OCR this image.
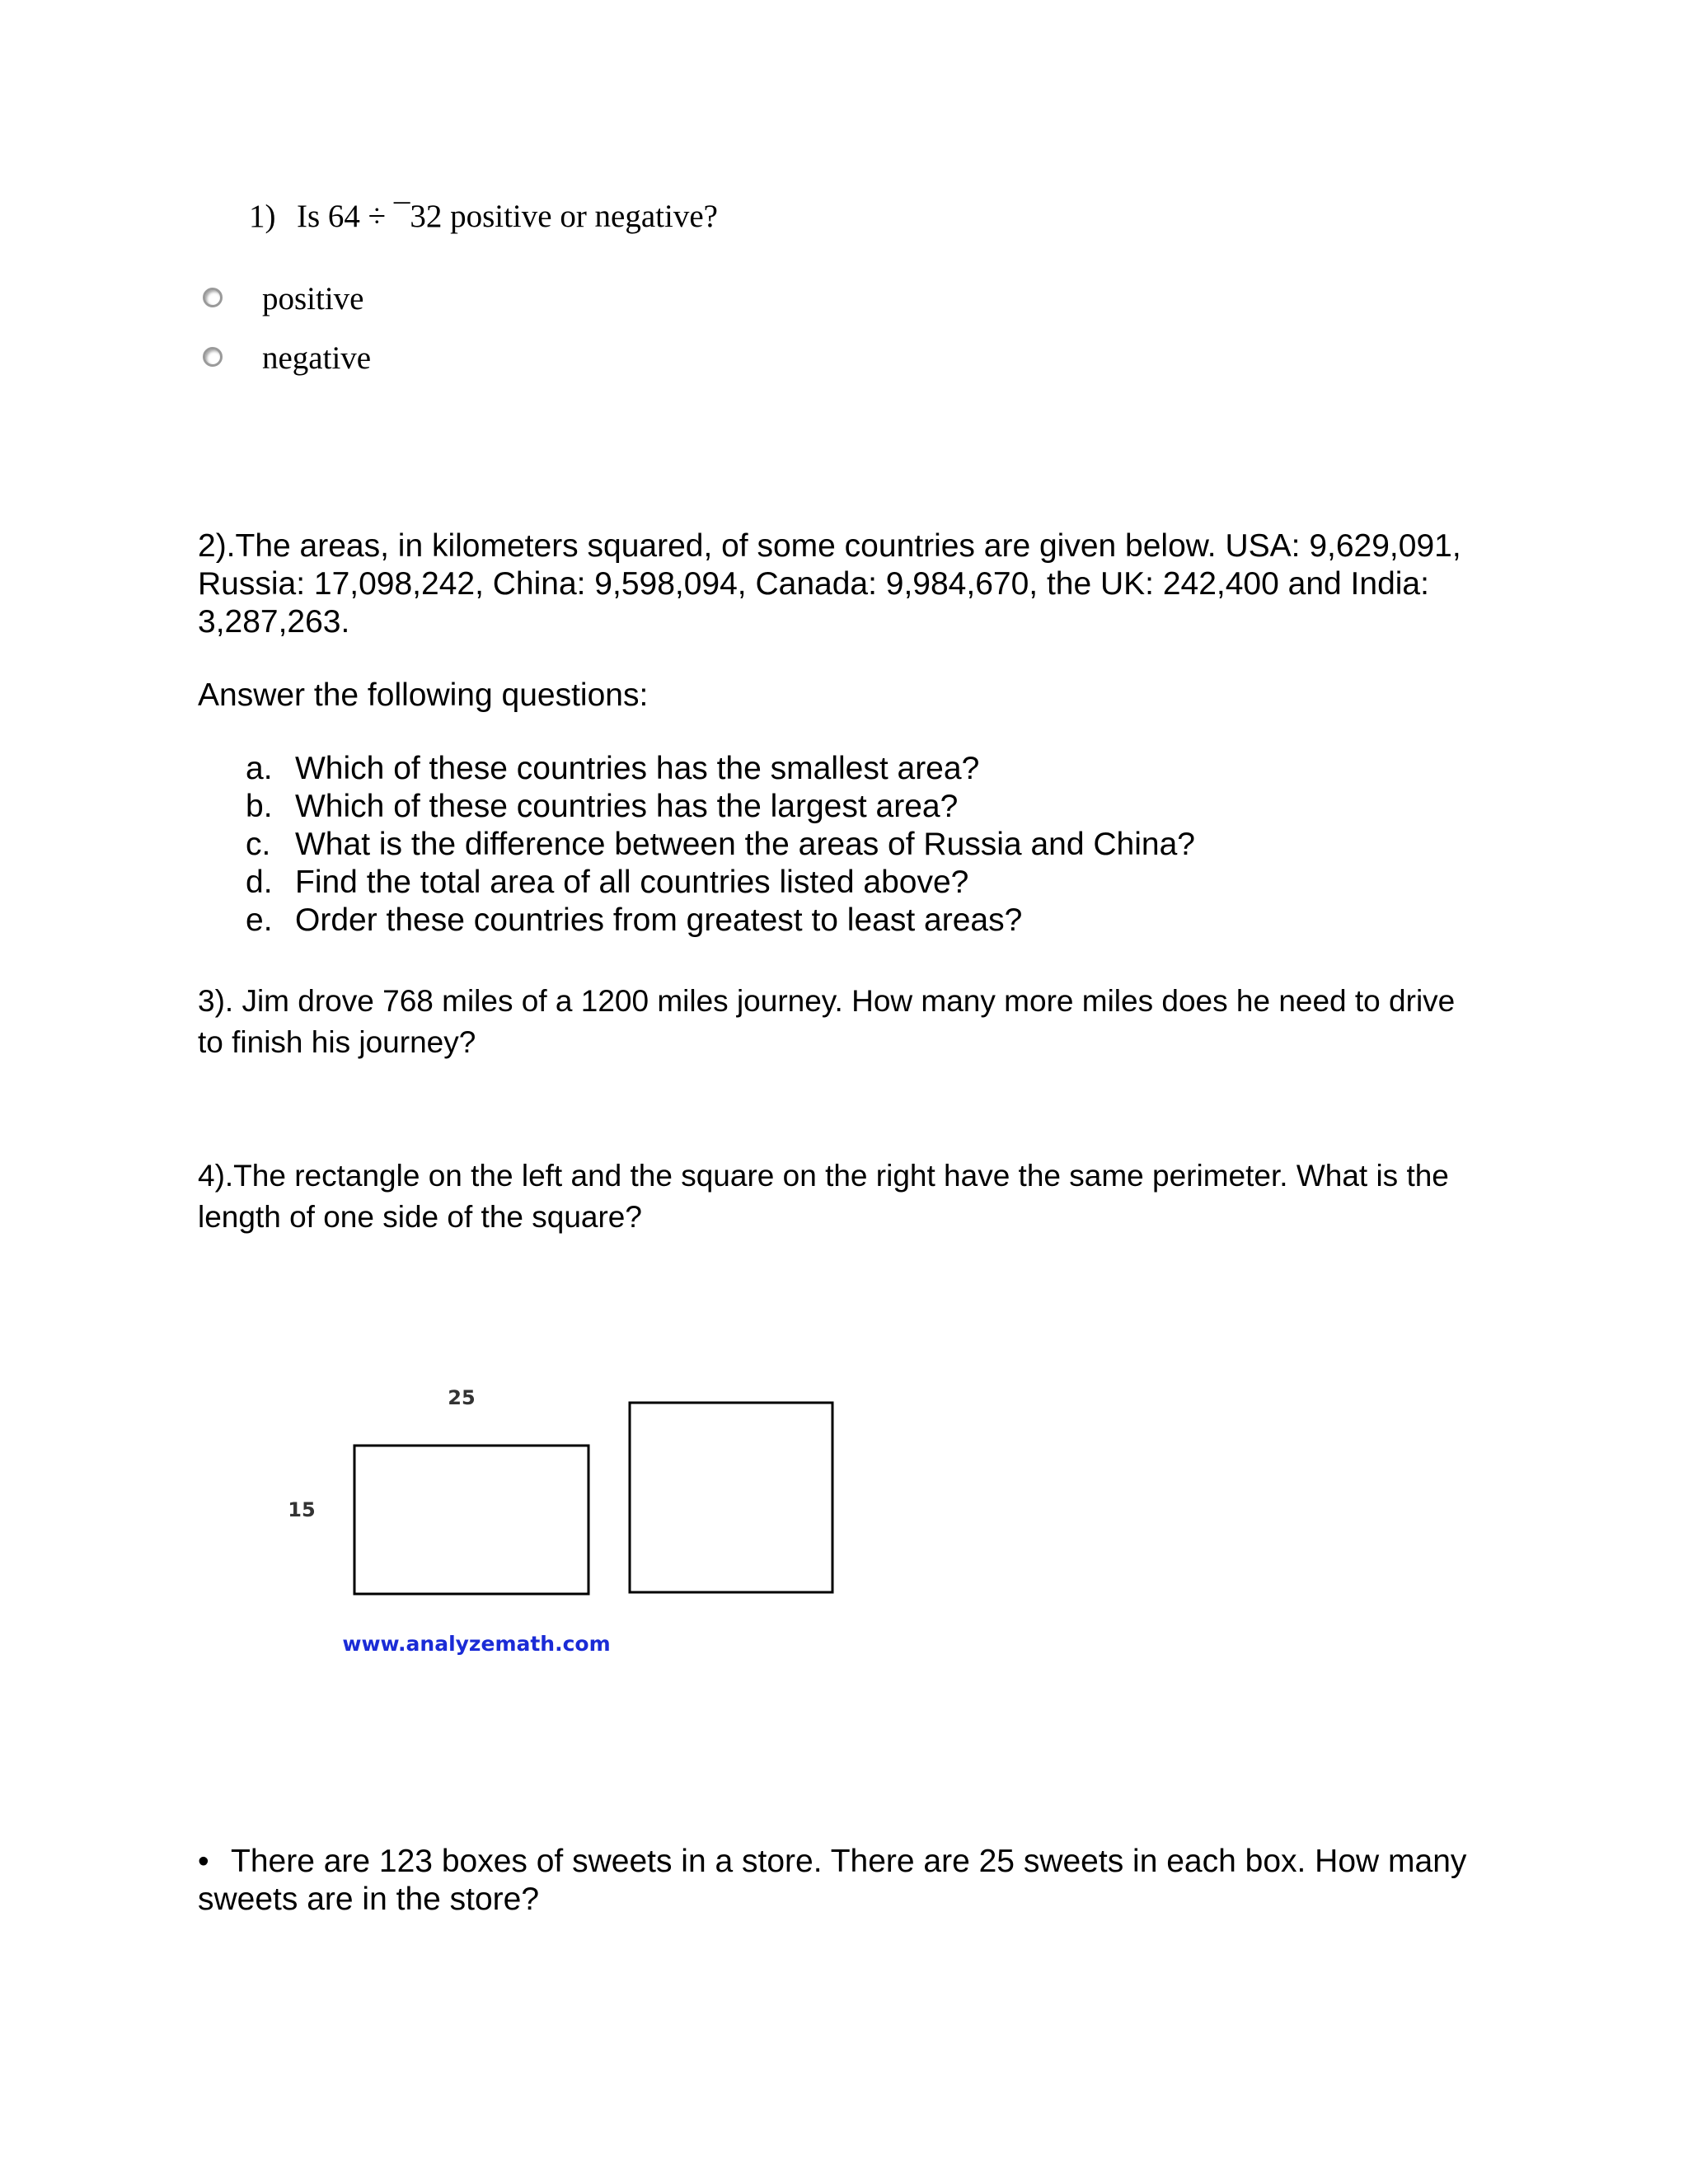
1) Is 64 ÷ ¯32 positive or negative?
positive
negative
2).The areas, in kilometers squared, of some countries are given below. USA: 9,629,091, Russia: 17,098,242, China: 9,598,094, Canada: 9,984,670, the UK: 242,400 and India: 3,287,263.
Answer the following questions:
a. Which of these countries has the smallest area?
b. Which of these countries has the largest area?
c. What is the difference between the areas of Russia and China?
d. Find the total area of all countries listed above?
e. Order these countries from greatest to least areas?
3). Jim drove 768 miles of a 1200 miles journey. How many more miles does he need to drive to finish his journey?
4).The rectangle on the left and the square on the right have the same perimeter. What is the length of one side of the square?
25
15
www.analyzemath.com
• There are 123 boxes of sweets in a store. There are 25 sweets in each box. How many sweets are in the store?
